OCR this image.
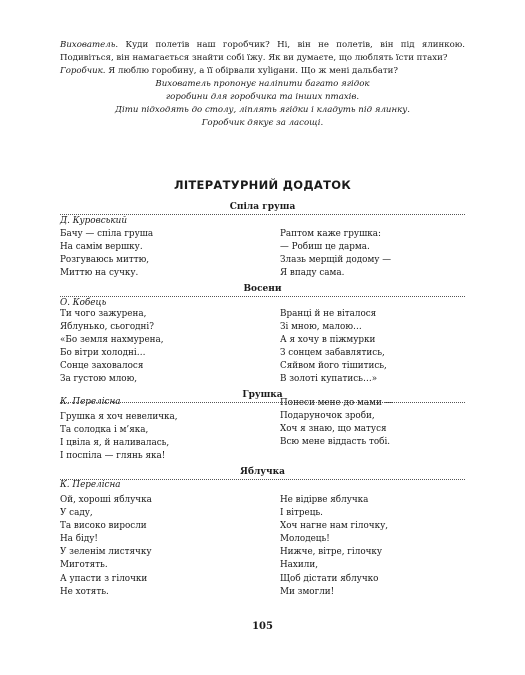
Вихователь. Куди полетів наш горобчик? Ні, він не полетів, він під ялинкою. Подивіться, він намагається знайти собі їжу. Як ви думаєте, що люблять їсти птахи?

Горобчик. Я люблю горобину, а її обірвали хуligани. Що ж мені дальбати?

Вихователь пропонує наліпити багато ягідок
горобини для горобчика та інших птахів.
Діти підходять до столу, ліплять ягідки і кладуть під ялинку.
Горобчик дякує за ласощі.
ЛІТЕРАТУРНИЙ ДОДАТОК
Спіла груша
Д. Куровський
Бачу — спіла груша
На самім вершку.
Розгуваюсь миттю,
Миттю на сучку.
Раптом каже грушка:
— Робиш це дарма.
Злазь мерщій додому —
Я впаду сама.
Восени
О. Кобець
Ти чого зажурена,
Яблунько, сьогодні?
«Бо земля нахмурена,
Бо вітри холодні…
Сонце заховалося
За густою млою,
Вранці й не віталося
Зі мною, малою…
А я хочу в піжмурки
З сонцем забавлятись,
Сяйвом його тішитись,
В золоті купатись…»
Грушка
К. Перелісна
Грушка я хоч невеличка,
Та солодка і м’яка,
І цвіла я, й наливалась,
І поспіла — глянь яка!
Понеси мене до мами —
Подаруночок зроби,
Хоч я знаю, що матуся
Всю мене віддасть тобі.
Яблучка
К. Перелісна
Ой, хороші яблучка
У саду,
Та високо виросли
На біду!
У зеленім листячку
Миготять.
А упасти з гілочки
Не хотять.
Не відірве яблучка
І вітрець.
Хоч нагне нам гілочку,
Молодець!
Нижче, вітре, гілочку
Нахили,
Щоб дістати яблучко
Ми змогли!
105
